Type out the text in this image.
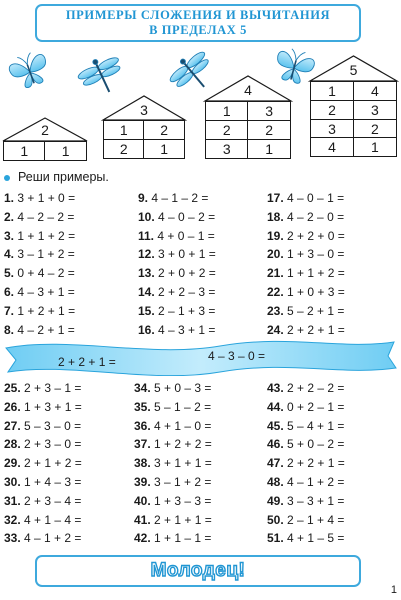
ПРИМЕРЫ СЛОЖЕНИЯ И ВЫЧИТАНИЯ
В ПРЕДЕЛАХ 5
2
1	1
3
1	2
2	1
4
1	3
2	2
3	1
5
1	4
2	3
3	2
4	1
Реши примеры.
1. 3 + 1 + 0 =
2. 4 – 2 – 2 =
3. 1 + 1 + 2 =
4. 3 – 1 + 2 =
5. 0 + 4 – 2 =
6. 4 – 3 + 1 =
7. 1 + 2 + 1 =
8. 4 – 2 + 1 =
9. 4 – 1 – 2 =
10. 4 – 0 – 2 =
11. 4 + 0 – 1 =
12. 3 + 0 + 1 =
13. 2 + 0 + 2 =
14. 2 + 2 – 3 =
15. 2 – 1 + 3 =
16. 4 – 3 + 1 =
17. 4 – 0 – 1 =
18. 4 – 2 – 0 =
19. 2 + 2 + 0 =
20. 1 + 3 – 0 =
21. 1 + 1 + 2 =
22. 1 + 0 + 3 =
23. 5 – 2 + 1 =
24. 2 + 2 + 1 =
2 + 2 + 1 =	4 – 3 – 0 =
25. 2 + 3 – 1 =
26. 1 + 3 + 1 =
27. 5 – 3 – 0 =
28. 2 + 3 – 0 =
29. 2 + 1 + 2 =
30. 1 + 4 – 3 =
31. 2 + 3 – 4 =
32. 4 + 1 – 4 =
33. 4 – 1 + 2 =
34. 5 + 0 – 3 =
35. 5 – 1 – 2 =
36. 4 + 1 – 0 =
37. 1 + 2 + 2 =
38. 3 + 1 + 1 =
39. 3 – 1 + 2 =
40. 1 + 3 – 3 =
41. 2 + 1 + 1 =
42. 1 + 1 – 1 =
43. 2 + 2 – 2 =
44. 0 + 2 – 1 =
45. 5 – 4 + 1 =
46. 5 + 0 – 2 =
47. 2 + 2 + 1 =
48. 4 – 1 + 2 =
49. 3 – 3 + 1 =
50. 2 – 1 + 4 =
51. 4 + 1 – 5 =
Молодец!
1
